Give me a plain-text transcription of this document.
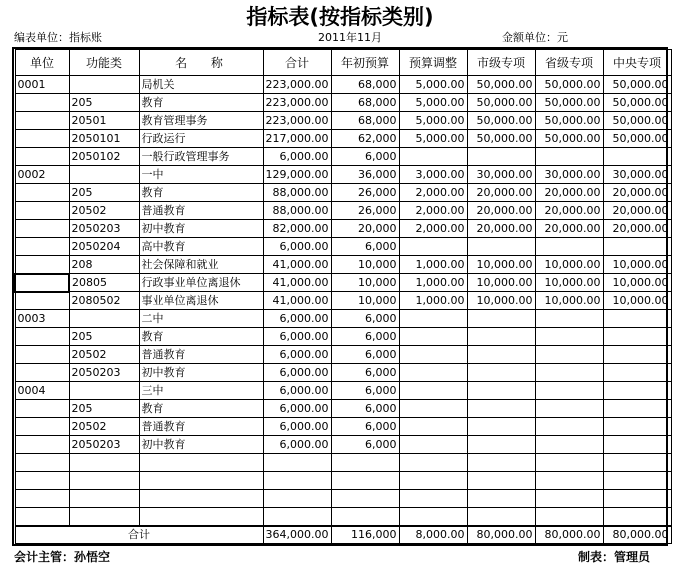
指标表(按指标类别)
编表单位：指标账	2011年11月	金额单位：元
单位	功能类	名 称	合计	年初预算	预算调整	市级专项	省级专项	中央专项
0001		局机关	223,000.00	68,000	5,000.00	50,000.00	50,000.00	50,000.00
	205	教育	223,000.00	68,000	5,000.00	50,000.00	50,000.00	50,000.00
	20501	教育管理事务	223,000.00	68,000	5,000.00	50,000.00	50,000.00	50,000.00
	2050101	行政运行	217,000.00	62,000	5,000.00	50,000.00	50,000.00	50,000.00
	2050102	一般行政管理事务	6,000.00	6,000				
0002		一中	129,000.00	36,000	3,000.00	30,000.00	30,000.00	30,000.00
	205	教育	88,000.00	26,000	2,000.00	20,000.00	20,000.00	20,000.00
	20502	普通教育	88,000.00	26,000	2,000.00	20,000.00	20,000.00	20,000.00
	2050203	初中教育	82,000.00	20,000	2,000.00	20,000.00	20,000.00	20,000.00
	2050204	高中教育	6,000.00	6,000				
	208	社会保障和就业	41,000.00	10,000	1,000.00	10,000.00	10,000.00	10,000.00
	20805	行政事业单位离退休	41,000.00	10,000	1,000.00	10,000.00	10,000.00	10,000.00
	2080502	事业单位离退休	41,000.00	10,000	1,000.00	10,000.00	10,000.00	10,000.00
0003		二中	6,000.00	6,000				
	205	教育	6,000.00	6,000				
	20502	普通教育	6,000.00	6,000				
	2050203	初中教育	6,000.00	6,000				
0004		三中	6,000.00	6,000				
	205	教育	6,000.00	6,000				
	20502	普通教育	6,000.00	6,000				
	2050203	初中教育	6,000.00	6,000				

合计			364,000.00	116,000	8,000.00	80,000.00	80,000.00	80,000.00
会计主管：孙悟空	制表：管理员
